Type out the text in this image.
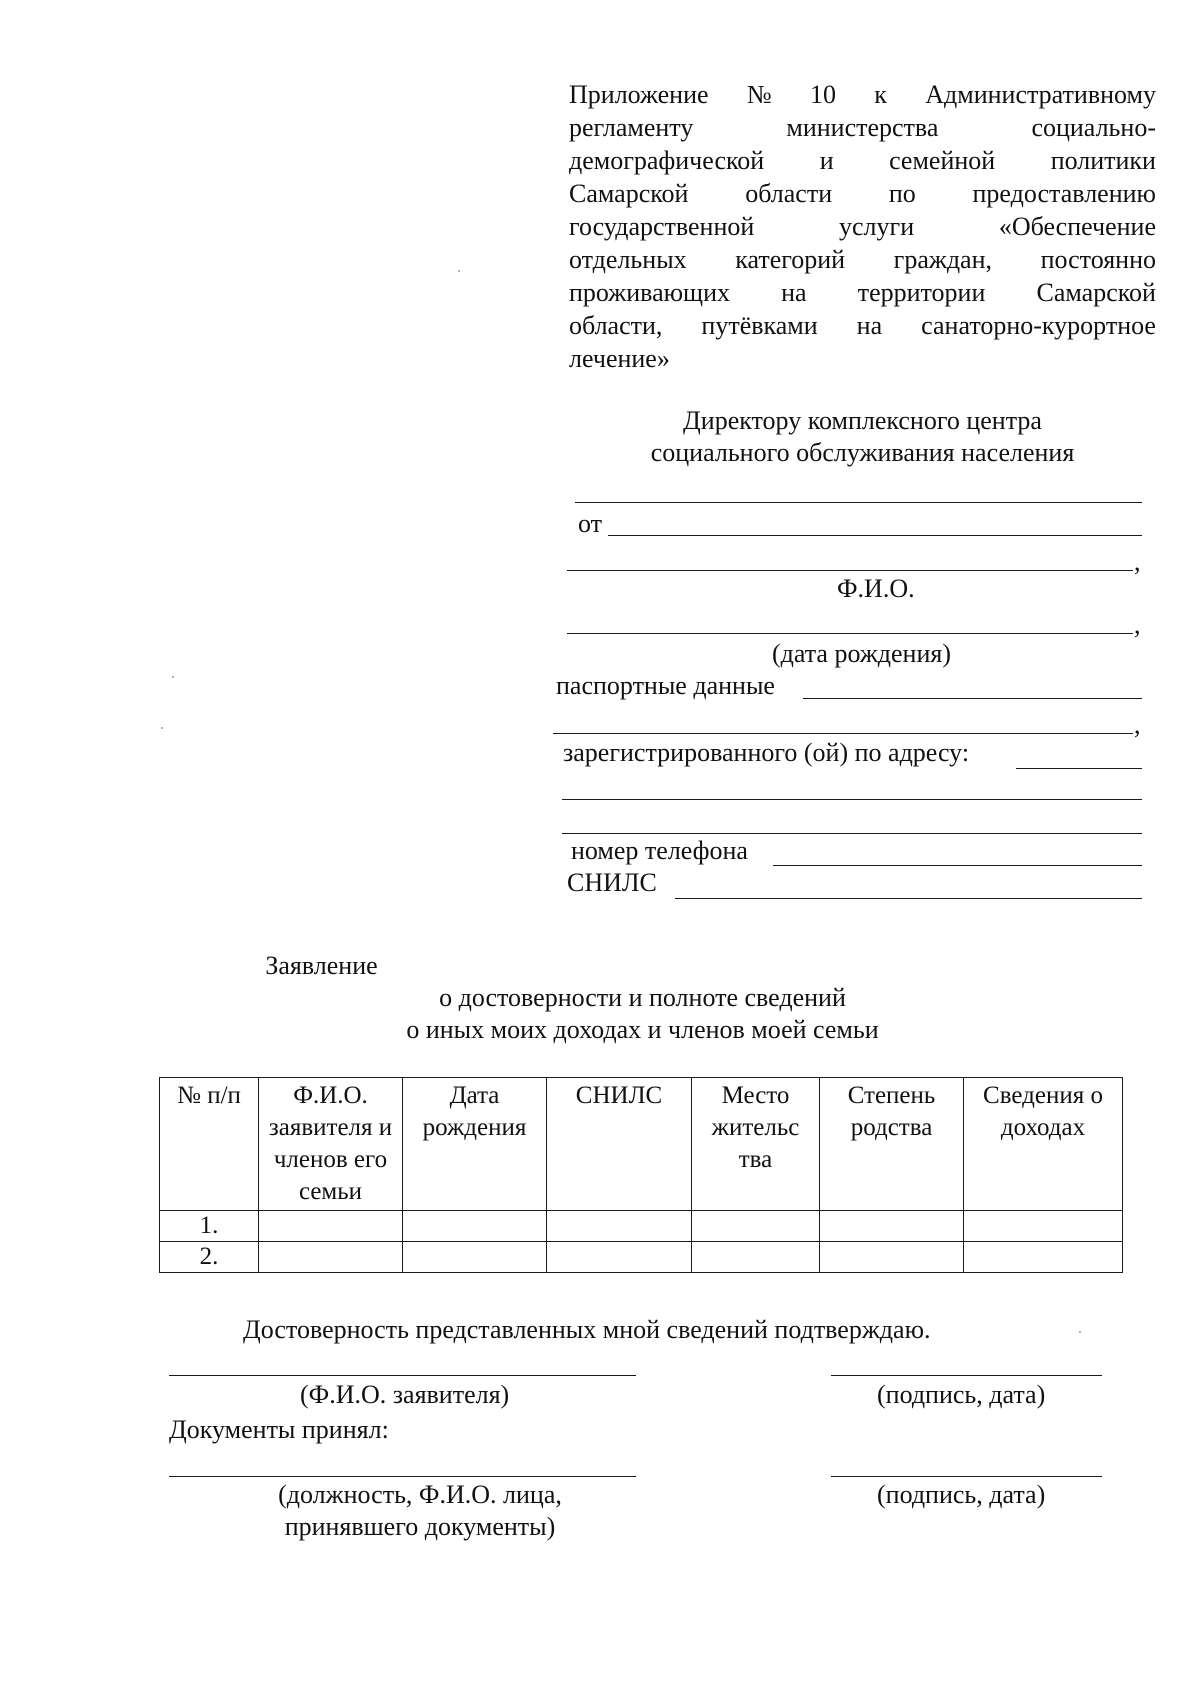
Приложение № 10 к Административному
регламенту	министерства	социально-
демографической и семейной политики
Самарской области по предоставлению
государственной	услуги	«Обеспечение
отдельных категорий граждан, постоянно
проживающих на территории Самарской
области, путёвками на санаторно-курортное
лечение»
Директору комплексного центра
социального обслуживания населения
от
,
Ф.И.О.
,
(дата рождения)
паспортные данные
,
зарегистрированного (ой) по адресу:
номер телефона
СНИЛС
Заявление
о достоверности и полноте сведений
о иных моих доходах и членов моей семьи
№ п/п	Ф.И.О. заявителя и членов его семьи	Дата рождения	СНИЛС	Место жительс тва	Степень родства	Сведения о доходах
1.						
2.						
Достоверность представленных мной сведений подтверждаю.
(Ф.И.О. заявителя)	(подпись, дата)
Документы принял:
(должность, Ф.И.О. лица,
принявшего документы)
(подпись, дата)
